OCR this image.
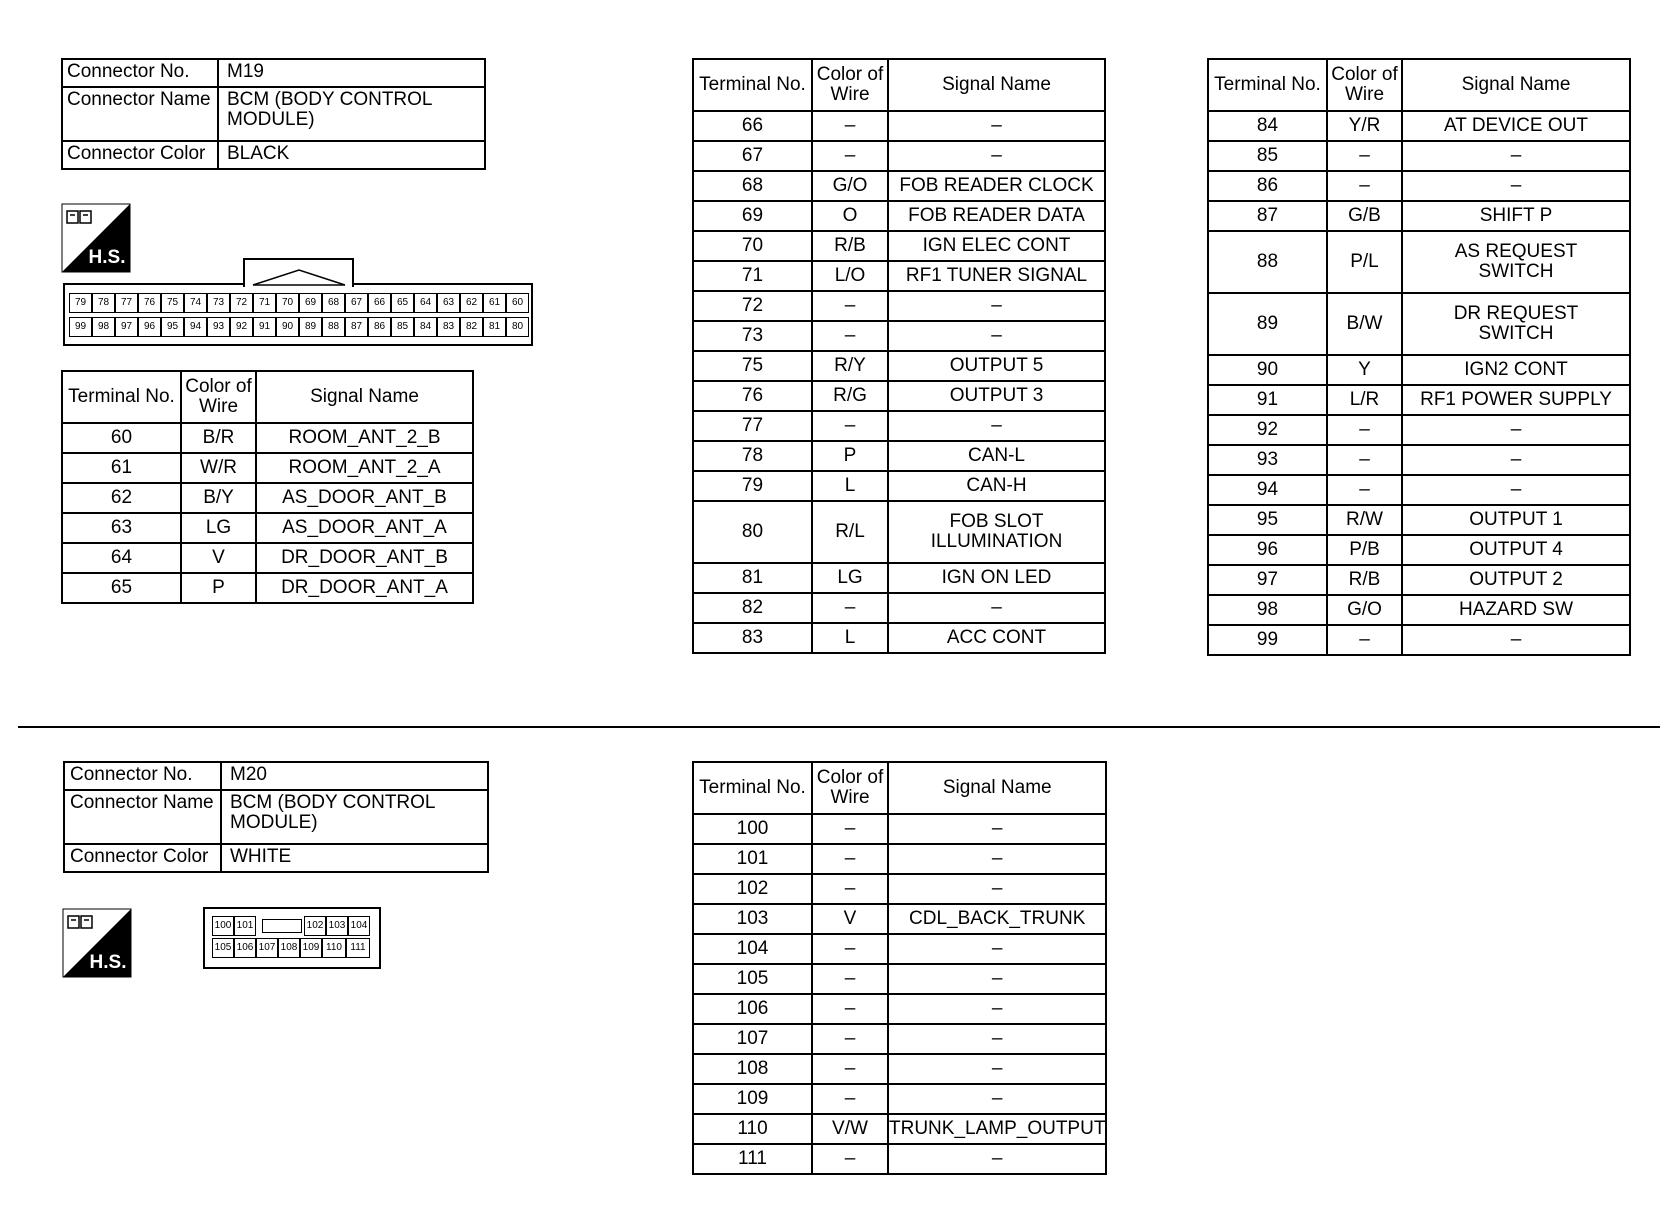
Connector No.	M19
Connector Name	BCM (BODY CONTROL
MODULE)
Connector Color	BLACK
H.S.
79	78	77	76	75	74	73	72	71	70	69	68	67	66	65	64	63	62	61	60
99	98	97	96	95	94	93	92	91	90	89	88	87	86	85	84	83	82	81	80
Terminal No.	Color of
Wire	Signal Name
60	B/R	ROOM_ANT_2_B
61	W/R	ROOM_ANT_2_A
62	B/Y	AS_DOOR_ANT_B
63	LG	AS_DOOR_ANT_A
64	V	DR_DOOR_ANT_B
65	P	DR_DOOR_ANT_A
Terminal No.	Color of
Wire	Signal Name
66	–	–
67	–	–
68	G/O	FOB READER CLOCK
69	O	FOB READER DATA
70	R/B	IGN ELEC CONT
71	L/O	RF1 TUNER SIGNAL
72	–	–
73	–	–
75	R/Y	OUTPUT 5
76	R/G	OUTPUT 3
77	–	–
78	P	CAN-L
79	L	CAN-H
80	R/L	FOB SLOT
ILLUMINATION
81	LG	IGN ON LED
82	–	–
83	L	ACC CONT
Terminal No.	Color of
Wire	Signal Name
84	Y/R	AT DEVICE OUT
85	–	–
86	–	–
87	G/B	SHIFT P
88	P/L	AS REQUEST
SWITCH
89	B/W	DR REQUEST
SWITCH
90	Y	IGN2 CONT
91	L/R	RF1 POWER SUPPLY
92	–	–
93	–	–
94	–	–
95	R/W	OUTPUT 1
96	P/B	OUTPUT 4
97	R/B	OUTPUT 2
98	G/O	HAZARD SW
99	–	–
Connector No.	M20
Connector Name	BCM (BODY CONTROL
MODULE)
Connector Color	WHITE
H.S.
100 101	102 103 104
105 106 107 108 109 110 111
Terminal No.	Color of
Wire	Signal Name
100	–	–
101	–	–
102	–	–
103	V	CDL_BACK_TRUNK
104	–	–
105	–	–
106	–	–
107	–	–
108	–	–
109	–	–
110	V/W	TRUNK_LAMP_OUTPUT
111	–	–
